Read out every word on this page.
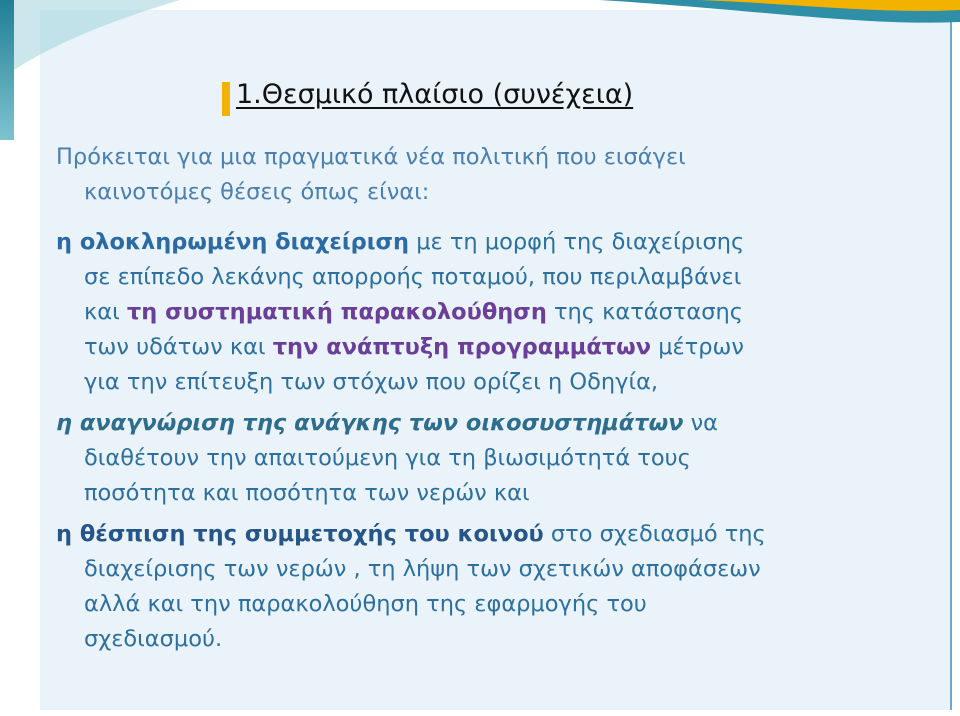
1.Θεσμικό πλαίσιο (συνέχεια)
Πρόκειται για μια πραγματικά νέα πολιτική που εισάγει
καινοτόμες θέσεις όπως είναι:
η ολοκληρωμένη διαχείριση με τη μορφή της διαχείρισης
σε επίπεδο λεκάνης απορροής ποταμού, που περιλαμβάνει
και τη συστηματική παρακολούθηση της κατάστασης
των υδάτων και την ανάπτυξη προγραμμάτων μέτρων
για την επίτευξη των στόχων που ορίζει η Οδηγία,
η αναγνώριση της ανάγκης των οικοσυστημάτων να
διαθέτουν την απαιτούμενη για τη βιωσιμότητά τους
ποσότητα και ποσότητα των νερών και
η θέσπιση της συμμετοχής του κοινού στο σχεδιασμό της
διαχείρισης των νερών , τη λήψη των σχετικών αποφάσεων
αλλά και την παρακολούθηση της εφαρμογής του
σχεδιασμού.
